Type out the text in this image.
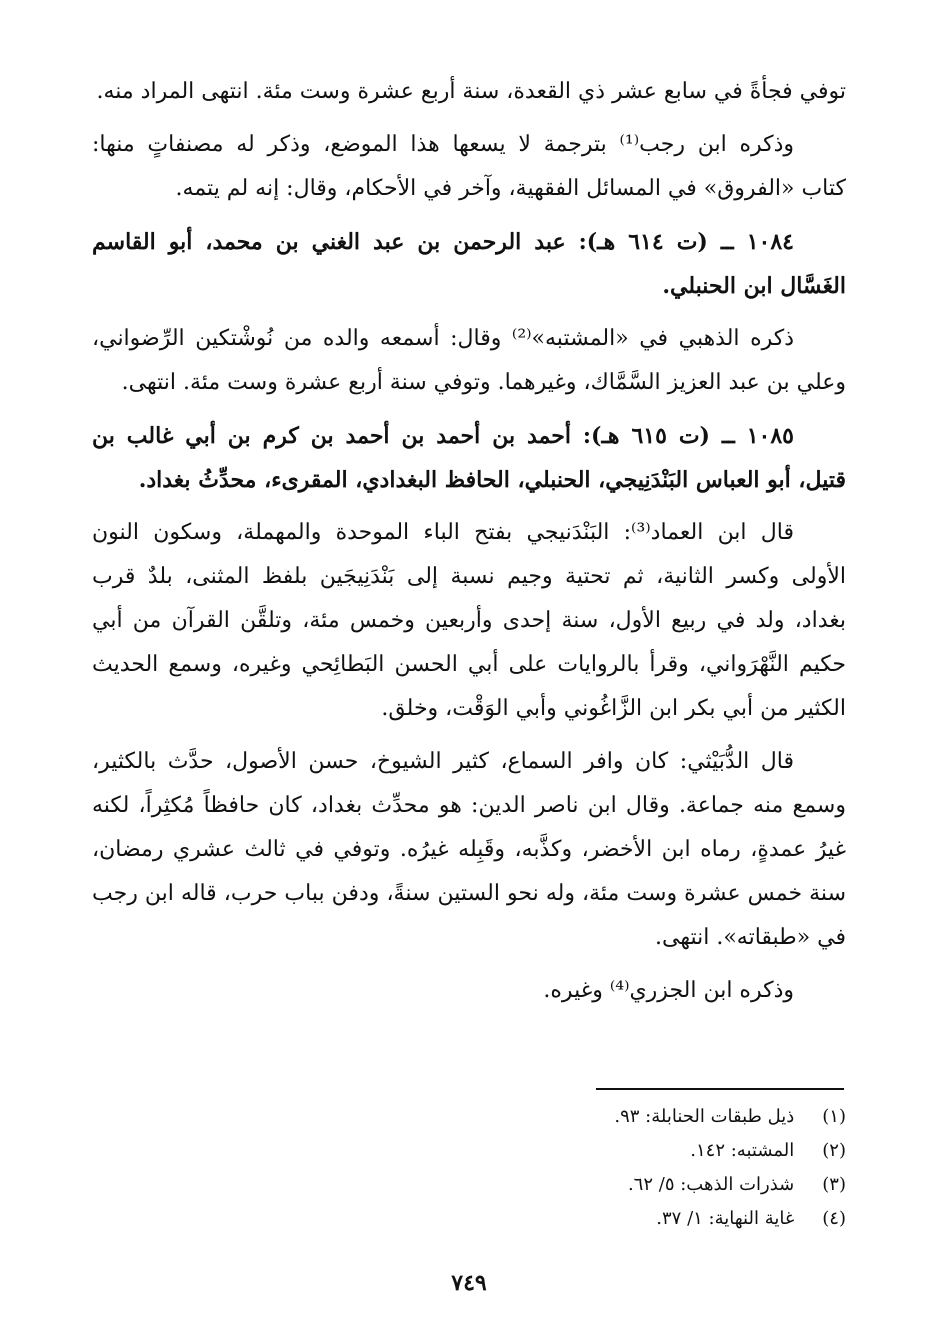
توفي فجأةً في سابع عشر ذي القعدة، سنة أربع عشرة وست مئة. انتهى المراد منه.

وذكره ابن رجب⁽¹⁾ بترجمة لا يسعها هذا الموضع، وذكر له مصنفاتٍ منها:
كتاب «الفروق» في المسائل الفقهية، وآخر في الأحكام، وقال: إنه لم يتمه.

١٠٨٤ ــ (ت ٦١٤ هـ): عبد الرحمن بن عبد الغني بن محمد، أبو القاسم
الغَسَّال ابن الحنبلي.

ذكره الذهبي في «المشتبه»⁽²⁾ وقال: أسمعه والده من نُوشْتكين الرِّضواني،
وعلي بن عبد العزيز السَّمَّاك، وغيرهما. وتوفي سنة أربع عشرة وست مئة. انتهى.

١٠٨٥ ــ (ت ٦١٥ هـ): أحمد بن أحمد بن أحمد بن كرم بن أبي غالب بن
قتيل، أبو العباس البَنْدَنِيجي، الحنبلي، الحافظ البغدادي، المقرىء، محدِّثُ بغداد.

قال ابن العماد⁽³⁾: البَنْدَنيجي بفتح الباء الموحدة والمهملة، وسكون النون
الأولى وكسر الثانية، ثم تحتية وجيم نسبة إلى بَنْدَنِيجَين بلفظ المثنى، بلدٌ قرب
بغداد، ولد في ربيع الأول، سنة إحدى وأربعين وخمس مئة، وتلقَّن القرآن من أبي
حكيم النَّهْرَواني، وقرأ بالروايات على أبي الحسن البَطائِحي وغيره، وسمع الحديث
الكثير من أبي بكر ابن الزَّاغُوني وأبي الوَقْت، وخلق.

قال الدُّبَيْثي: كان وافر السماع، كثير الشيوخ، حسن الأصول، حدَّث بالكثير،
وسمع منه جماعة. وقال ابن ناصر الدين: هو محدِّث بغداد، كان حافظاً مُكثِراً، لكنه
غيرُ عمدةٍ، رماه ابن الأخضر، وكذَّبه، وقَبِله غيرُه. وتوفي في ثالث عشري رمضان،
سنة خمس عشرة وست مئة، وله نحو الستين سنةً، ودفن بباب حرب، قاله ابن رجب
في «طبقاته». انتهى.

وذكره ابن الجزري⁽⁴⁾ وغيره.

(١) ذيل طبقات الحنابلة: ٩٣.
(٢) المشتبه: ١٤٢.
(٣) شذرات الذهب: ٥/ ٦٢.
(٤) غاية النهاية: ١/ ٣٧.
٧٤٩
